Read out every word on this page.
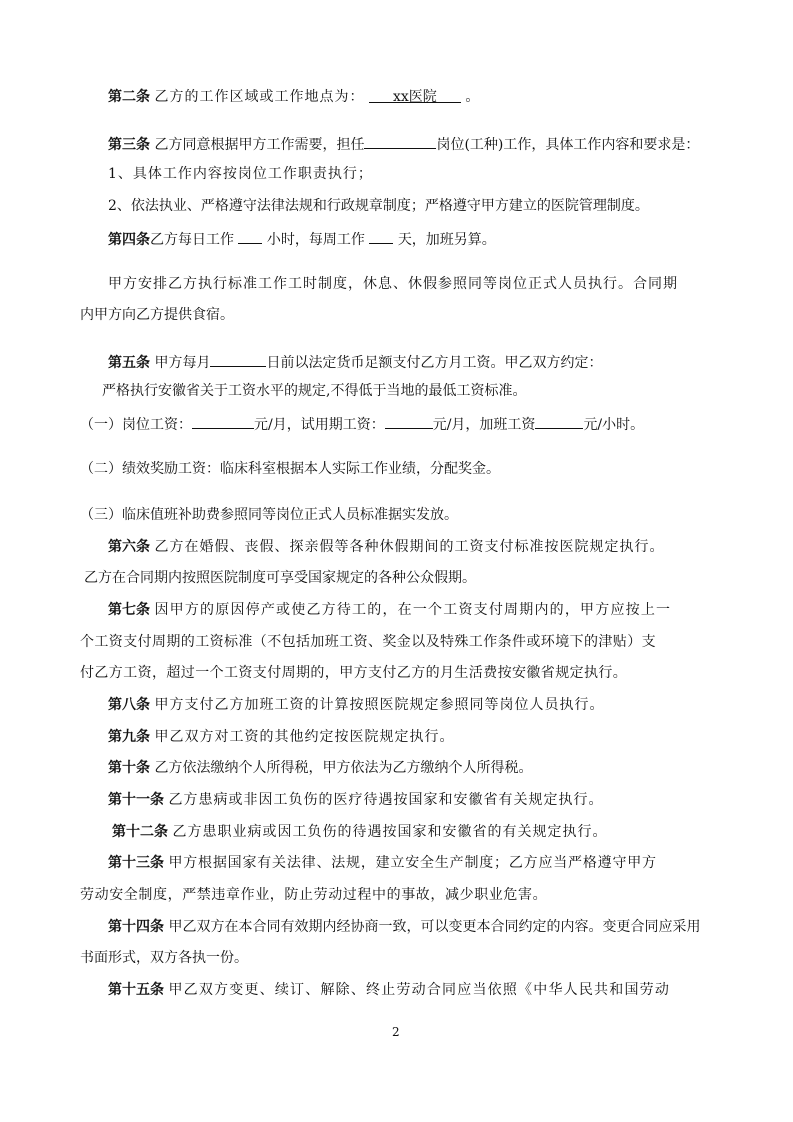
第二条 乙方的工作区域或工作地点为： xx医院 。
第三条 乙方同意根据甲方工作需要，担任	岗位(工种)工作，具体工作内容和要求是：
1、具体工作内容按岗位工作职责执行；
2、依法执业、严格遵守法律法规和行政规章制度；严格遵守甲方建立的医院管理制度。
第四条乙方每日工作 小时，每周工作 天，加班另算。
甲方安排乙方执行标准工作工时制度，休息、休假参照同等岗位正式人员执行。合同期
内甲方向乙方提供食宿。
第五条 甲方每月	日前以法定货币足额支付乙方月工资。甲乙双方约定：
严格执行安徽省关于工资水平的规定,不得低于当地的最低工资标准。
（一）岗位工资：	元/月，试用期工资：	元/月，加班工资	元/小时。
（二）绩效奖励工资：临床科室根据本人实际工作业绩，分配奖金。
（三）临床值班补助费参照同等岗位正式人员标准据实发放。
第六条 乙方在婚假、丧假、探亲假等各种休假期间的工资支付标准按医院规定执行。
乙方在合同期内按照医院制度可享受国家规定的各种公众假期。
第七条 因甲方的原因停产或使乙方待工的，在一个工资支付周期内的，甲方应按上一
个工资支付周期的工资标准（不包括加班工资、奖金以及特殊工作条件或环境下的津贴）支
付乙方工资，超过一个工资支付周期的，甲方支付乙方的月生活费按安徽省规定执行。
第八条 甲方支付乙方加班工资的计算按照医院规定参照同等岗位人员执行。
第九条 甲乙双方对工资的其他约定按医院规定执行。
第十条 乙方依法缴纳个人所得税，甲方依法为乙方缴纳个人所得税。
第十一条 乙方患病或非因工负伤的医疗待遇按国家和安徽省有关规定执行。
第十二条 乙方患职业病或因工负伤的待遇按国家和安徽省的有关规定执行。
第十三条 甲方根据国家有关法律、法规，建立安全生产制度；乙方应当严格遵守甲方
劳动安全制度，严禁违章作业，防止劳动过程中的事故，减少职业危害。
第十四条 甲乙双方在本合同有效期内经协商一致，可以变更本合同约定的内容。变更合同应采用
书面形式，双方各执一份。
第十五条 甲乙双方变更、续订、解除、终止劳动合同应当依照《中华人民共和国劳动
2
